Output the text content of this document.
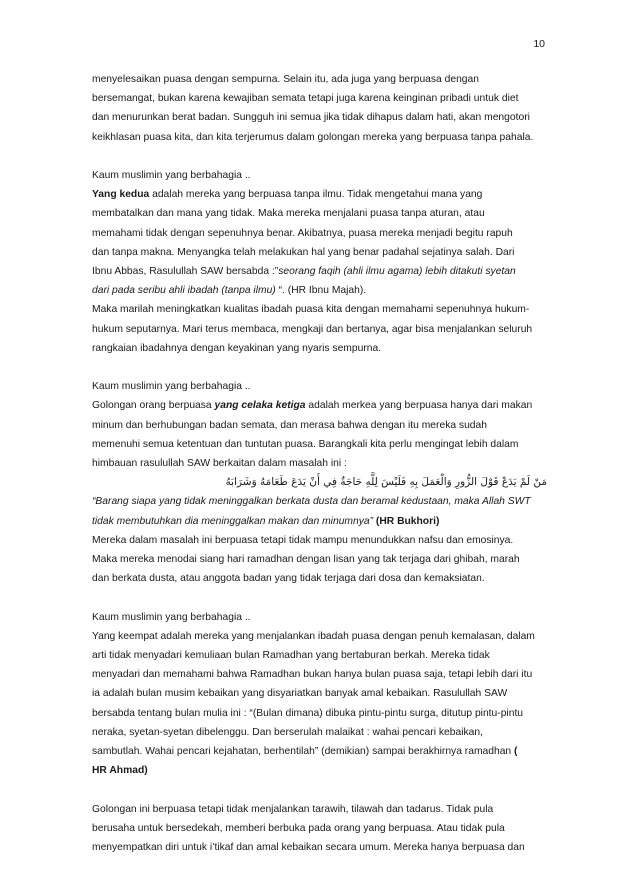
10

menyelesaikan puasa dengan sempurna. Selain itu, ada juga yang berpuasa dengan
bersemangat, bukan karena kewajiban semata tetapi juga karena keinginan pribadi untuk diet
dan menurunkan berat badan. Sungguh ini semua jika tidak dihapus dalam hati, akan mengotori
keikhlasan puasa kita, dan kita terjerumus dalam golongan mereka yang berpuasa tanpa pahala.

Kaum muslimin yang berbahagia ..
Yang kedua adalah mereka yang berpuasa tanpa ilmu. Tidak mengetahui mana yang
membatalkan dan mana yang tidak. Maka mereka menjalani puasa tanpa aturan, atau
memahami tidak dengan sepenuhnya benar. Akibatnya, puasa mereka menjadi begitu rapuh
dan tanpa makna. Menyangka telah melakukan hal yang benar padahal sejatinya salah. Dari
Ibnu Abbas, Rasulullah SAW bersabda :”seorang faqih (ahli ilmu agama) lebih ditakuti syetan
dari pada seribu ahli ibadah (tanpa ilmu) “. (HR Ibnu Majah).
Maka marilah meningkatkan kualitas ibadah puasa kita dengan memahami sepenuhnya hukum-
hukum seputarnya. Mari terus membaca, mengkaji dan bertanya, agar bisa menjalankan seluruh
rangkaian ibadahnya dengan keyakinan yang nyaris sempurna.

Kaum muslimin yang berbahagia ..
Golongan orang berpuasa yang celaka ketiga adalah merkea yang berpuasa hanya dari makan
minum dan berhubungan badan semata, dan merasa bahwa dengan itu mereka sudah
memenuhi semua ketentuan dan tuntutan puasa. Barangkali kita perlu mengingat lebih dalam
himbauan rasulullah SAW berkaitan dalam masalah ini :
مَنْ لَمْ يَدَعْ قَوْلَ الزُّورِ وَالْعَمَلَ بِهِ فَلَيْسَ لِلَّهِ حَاجَةٌ فِي أَنْ يَدَعَ طَعَامَهُ وَشَرَابَهُ
“Barang siapa yang tidak meninggalkan berkata dusta dan beramal kedustaan, maka Allah SWT
tidak membutuhkan dia meninggalkan makan dan minumnya” (HR Bukhori)
Mereka dalam masalah ini berpuasa tetapi tidak mampu menundukkan nafsu dan emosinya.
Maka mereka menodai siang hari ramadhan dengan lisan yang tak terjaga dari ghibah, marah
dan berkata dusta, atau anggota badan yang tidak terjaga dari dosa dan kemaksiatan.

Kaum muslimin yang berbahagia ..
Yang keempat adalah mereka yang menjalankan ibadah puasa dengan penuh kemalasan, dalam
arti tidak menyadari kemuliaan bulan Ramadhan yang bertaburan berkah. Mereka tidak
menyadari dan memahami bahwa Ramadhan bukan hanya bulan puasa saja, tetapi lebih dari itu
ia adalah bulan musim kebaikan yang disyariatkan banyak amal kebaikan. Rasulullah SAW
bersabda tentang bulan mulia ini : “(Bulan dimana) dibuka pintu-pintu surga, ditutup pintu-pintu
neraka, syetan-syetan dibelenggu. Dan berserulah malaikat : wahai pencari kebaikan,
sambutlah. Wahai pencari kejahatan, berhentilah” (demikian) sampai berakhirnya ramadhan (
HR Ahmad)

Golongan ini berpuasa tetapi tidak menjalankan tarawih, tilawah dan tadarus. Tidak pula
berusaha untuk bersedekah, memberi berbuka pada orang yang berpuasa. Atau tidak pula
menyempatkan diri untuk i’tikaf dan amal kebaikan secara umum. Mereka hanya berpuasa dan
